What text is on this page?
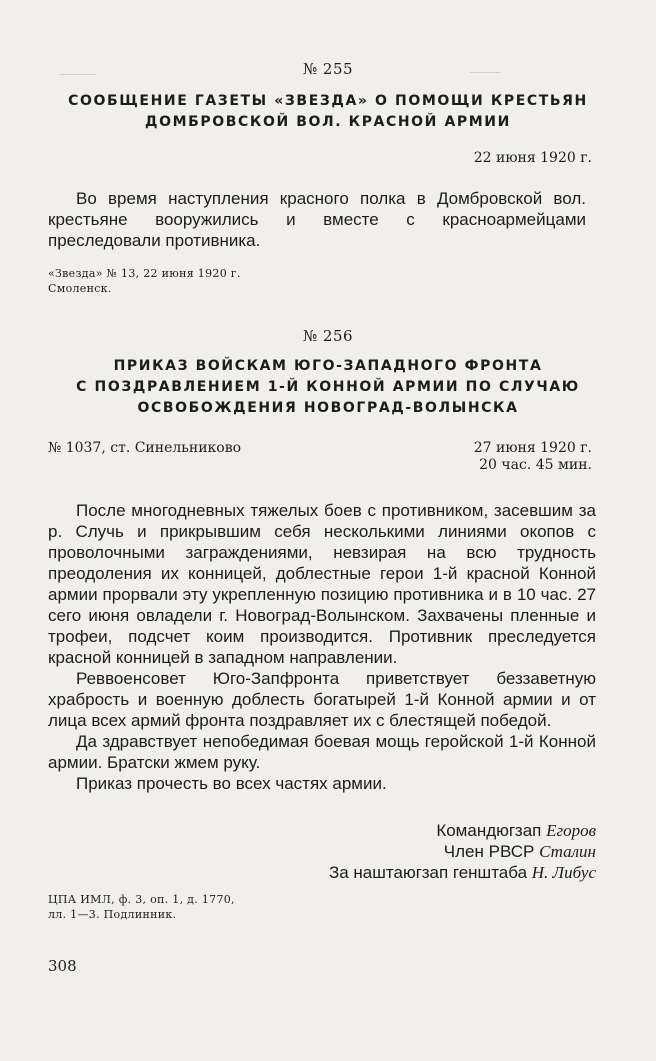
──────	─────
№ 255
СООБЩЕНИЕ ГАЗЕТЫ «ЗВЕЗДА» О ПОМОЩИ КРЕСТЬЯН
ДОМБРОВСКОЙ ВОЛ. КРАСНОЙ АРМИИ
22 июня 1920 г.

Во время наступления красного полка в Домбровской вол. крестьяне вооружились и вместе с красноармейцами преследовали противника.

«Звезда» № 13, 22 июня 1920 г.
Смоленск.
№ 256
ПРИКАЗ ВОЙСКАМ ЮГО-ЗАПАДНОГО ФРОНТА
С ПОЗДРАВЛЕНИЕМ 1-Й КОННОЙ АРМИИ ПО СЛУЧАЮ
ОСВОБОЖДЕНИЯ НОВОГРАД-ВОЛЫНСКА
№ 1037, ст. Синельниково	27 июня 1920 г.
20 час. 45 мин.

После многодневных тяжелых боев с противником, засевшим за р. Случь и прикрывшим себя несколькими линиями окопов с проволочными заграждениями, невзирая на всю трудность преодоления их конницей, доблестные герои 1-й красной Конной армии прорвали эту укрепленную позицию противника и в 10 час. 27 сего июня овладели г. Новоград-Волынском. Захвачены пленные и трофеи, подсчет коим производится. Противник преследуется красной конницей в западном направлении.

Реввоенсовет Юго-Запфронта приветствует беззаветную храбрость и военную доблесть богатырей 1-й Конной армии и от лица всех армий фронта поздравляет их с блестящей победой.

Да здравствует непобедимая боевая мощь геройской 1-й Конной армии. Братски жмем руку.

Приказ прочесть во всех частях армии.

Командюгзап Егоров
Член РВСР Сталин
За наштаюгзап генштаба Н. Либус
ЦПА ИМЛ, ф. 3, оп. 1, д. 1770,
лл. 1—3. Подлинник.
308
